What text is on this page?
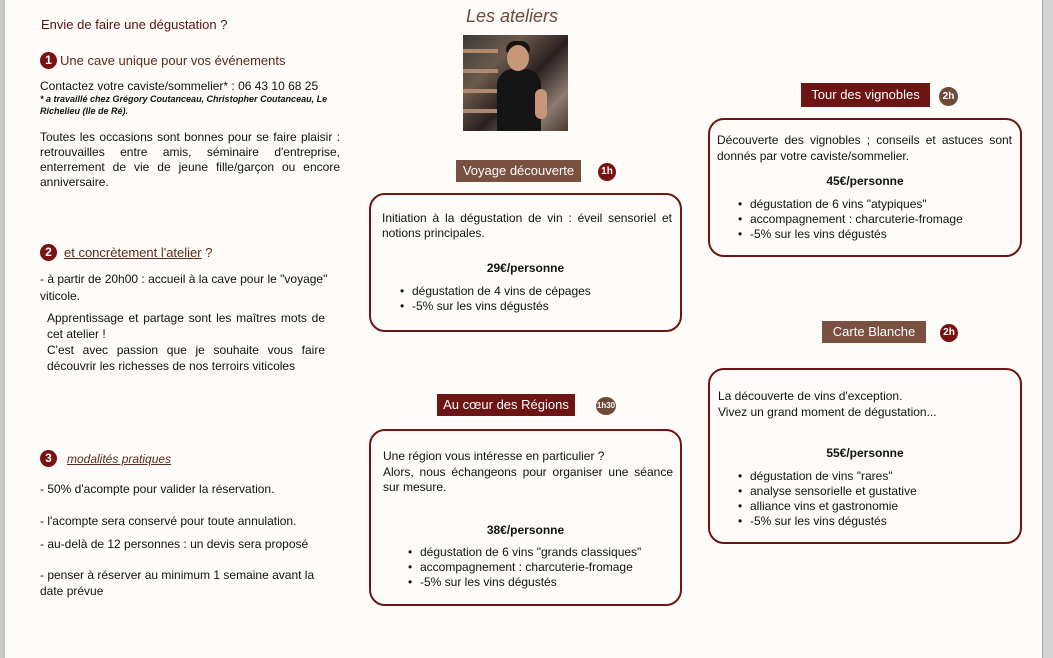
Envie de faire une dégustation ?
1 Une cave unique pour vos événements
Contactez votre caviste/sommelier* : 06 43 10 68 25
* a travaillé chez Grégory Coutanceau, Christopher Coutanceau, Le Richelieu (Ile de Ré).
Toutes les occasions sont bonnes pour se faire plaisir : retrouvailles entre amis, séminaire d'entreprise, enterrement de vie de jeune fille/garçon ou encore anniversaire.
2 et concrètement l'atelier ?
- à partir de 20h00 : accueil à la cave pour le "voyage" viticole.
Apprentissage et partage sont les maîtres mots de cet atelier !
C'est avec passion que je souhaite vous faire découvrir les richesses de nos terroirs viticoles
3 modalités pratiques
- 50% d'acompte pour valider la réservation.
- l'acompte sera conservé pour toute annulation.
- au-delà de 12 personnes : un devis sera proposé
- penser à réserver au minimum 1 semaine avant la date prévue
Les ateliers
Voyage découverte	1h

Initiation à la dégustation de vin : éveil sensoriel et notions principales.

29€/personne

• dégustation de 4 vins de cépages
• -5% sur les vins dégustés
Au cœur des Régions	1h30

Une région vous intéresse en particulier ?

Alors, nous échangeons pour organiser une séance sur mesure.

38€/personne

• dégustation de 6 vins "grands classiques"
• accompagnement : charcuterie-fromage
• -5% sur les vins dégustés
Tour des vignobles	2h

Découverte des vignobles ; conseils et astuces sont donnés par votre caviste/sommelier.

45€/personne

• dégustation de 6 vins "atypiques"
• accompagnement : charcuterie-fromage
• -5% sur les vins dégustés
Carte Blanche	2h

La découverte de vins d'exception.

Vivez un grand moment de dégustation...

55€/personne

• dégustation de vins "rares"
• analyse sensorielle et gustative
• alliance vins et gastronomie
• -5% sur les vins dégustés
